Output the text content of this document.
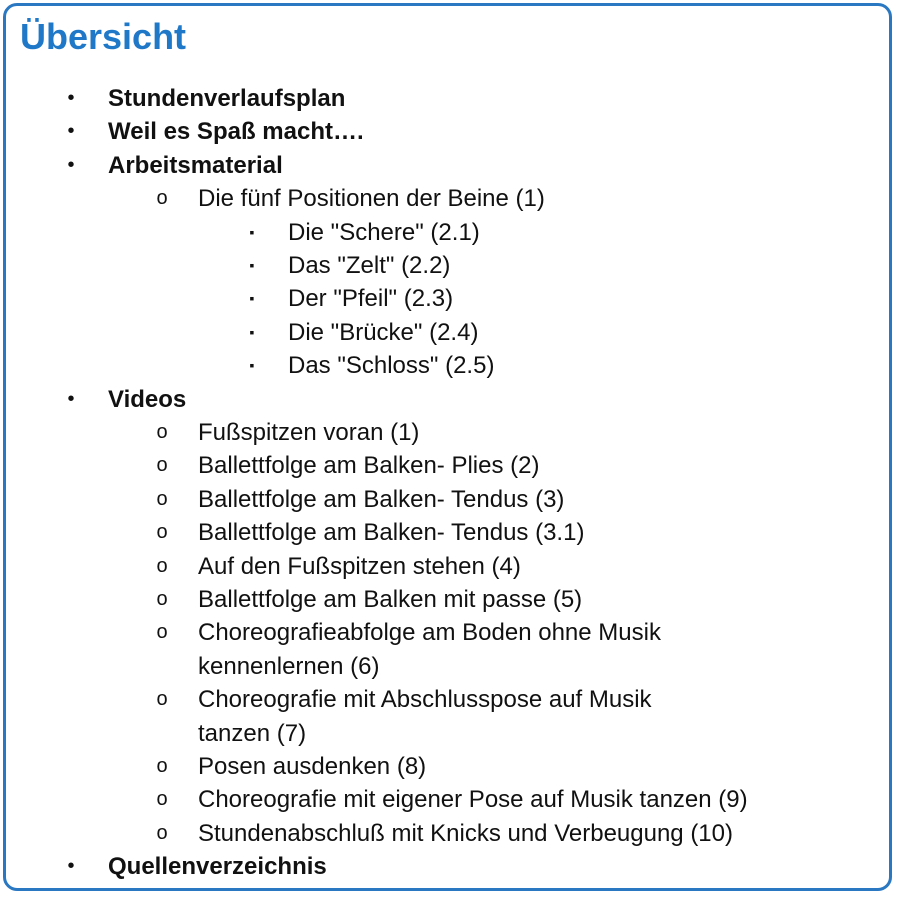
Übersicht
•	Stundenverlaufsplan
•	Weil es Spaß macht….
•	Arbeitsmaterial
o Die fünf Positionen der Beine (1)
▪	Die "Schere" (2.1)
▪	Das "Zelt" (2.2)
▪	Der "Pfeil" (2.3)
▪	Die "Brücke" (2.4)
▪	Das "Schloss" (2.5)
•	Videos
o Fußspitzen voran (1)
o Ballettfolge am Balken- Plies (2)
o Ballettfolge am Balken- Tendus (3)
o Ballettfolge am Balken- Tendus (3.1)
o Auf den Fußspitzen stehen (4)
o Ballettfolge am Balken mit passe (5)
o Choreografieabfolge am Boden ohne Musik
kennenlernen (6)
o Choreografie mit Abschlusspose auf Musik
tanzen (7)
o Posen ausdenken (8)
o Choreografie mit eigener Pose auf Musik tanzen (9)
o Stundenabschluß mit Knicks und Verbeugung (10)
•	Quellenverzeichnis
